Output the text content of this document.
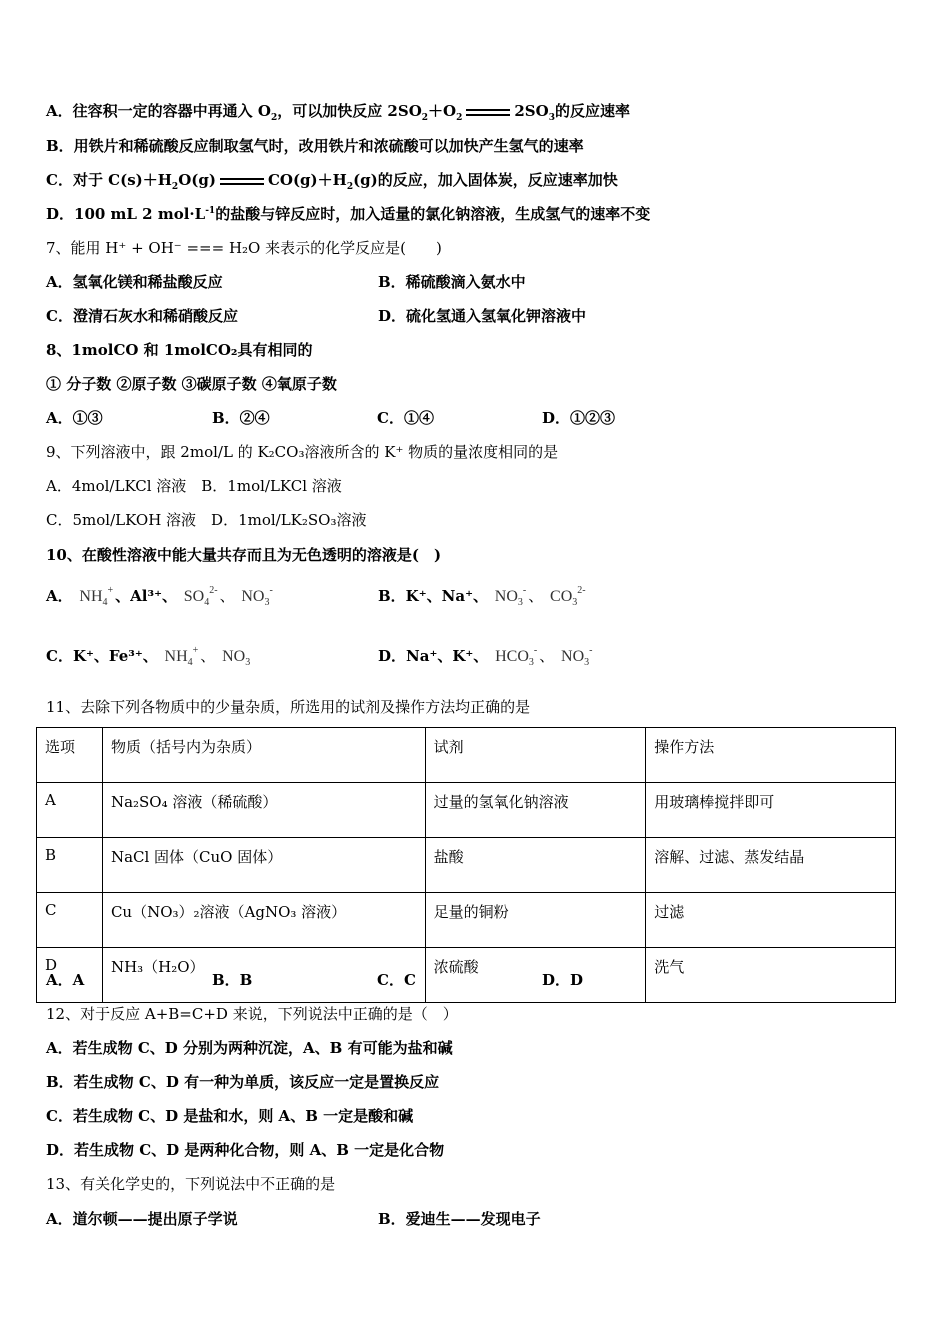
A．往容积一定的容器中再通入 $O_2$，可以加快反应 $2SO_2+O_2$	$2SO_3$的反应速率
B．用铁片和稀硫酸反应制取氢气时，改用铁片和浓硫酸可以加快产生氢气的速率
C．对于 $C(s)+H_2O(g)$	$CO(g)+H_2(g)$的反应，加入固体炭，反应速率加快
D．100 mL 2 $mol\cdot L^{-1}$的盐酸与锌反应时，加入适量的氯化钠溶液，生成氢气的速率不变
7、能用 H⁺ + OH⁻ === H₂O 来表示的化学反应是(　　)
A．氢氧化镁和稀盐酸反应	B．稀硫酸滴入氨水中
C．澄清石灰水和稀硝酸反应	D．硫化氢通入氢氧化钾溶液中
8、1molCO 和 1molCO₂具有相同的
① 分子数 ②原子数 ③碳原子数 ④氧原子数
A．①③	B．②④	C．①④	D．①②③
9、下列溶液中，跟 2mol/L 的 K₂CO₃溶液所含的 K⁺ 物质的量浓度相同的是
A．4mol/LKCl 溶液　B．1mol/LKCl 溶液
C．5mol/LKOH 溶液　D．1mol/LK₂SO₃溶液
10、在酸性溶液中能大量共存而且为无色透明的溶液是(　)
A． $NH_4^+$ 、Al³⁺、 $SO_4^{2-}$ 、 $NO_3^-$	B．K⁺、Na⁺、 $NO_3^-$ 、 $CO_3^{2-}$
C．K⁺、Fe³⁺、 $NH_4^+$ 、 $NO_3$	D．Na⁺、K⁺、 $HCO_3^-$ 、 $NO_3^-$
11、去除下列各物质中的少量杂质，所选用的试剂及操作方法均正确的是
选项	物质（括号内为杂质）	试剂	操作方法
A	Na₂SO₄ 溶液（稀硫酸）	过量的氢氧化钠溶液	用玻璃棒搅拌即可
B	NaCl 固体（CuO 固体）	盐酸	溶解、过滤、蒸发结晶
C	Cu（NO₃）₂溶液（AgNO₃ 溶液）	足量的铜粉	过滤
D	NH₃（H₂O）	浓硫酸	洗气
A．A	B．B	C．C	D．D
12、对于反应 A+B=C+D 来说，下列说法中正确的是（　）
A．若生成物 C、D 分别为两种沉淀，A、B 有可能为盐和碱
B．若生成物 C、D 有一种为单质，该反应一定是置换反应
C．若生成物 C、D 是盐和水，则 A、B 一定是酸和碱
D．若生成物 C、D 是两种化合物，则 A、B 一定是化合物
13、有关化学史的，下列说法中不正确的是
A．道尔顿——提出原子学说	B．爱迪生——发现电子
